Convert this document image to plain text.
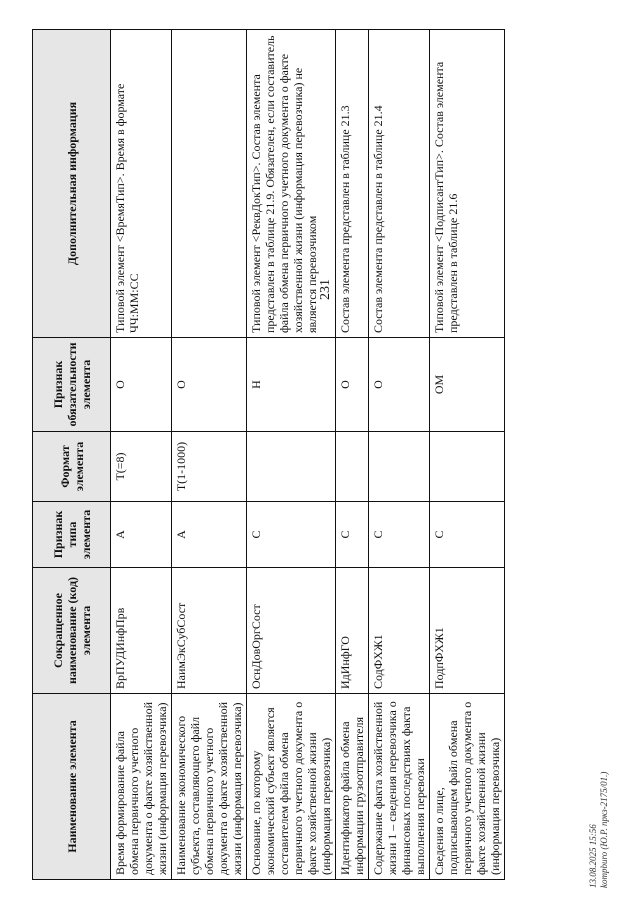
231
Наименование элемента	Сокращенное наименование (код) элемента	Признак типа элемента	Формат элемента	Признак обязательности элемента	Дополнительная информация
Время формирование файла обмена первичного учетного документа о факте хозяйственной жизни (информация перевозчика)	ВрПУДИнфПрв	А	T(=8)	О	Типовой элемент <ВремяТип>. Время в формате ЧЧ:ММ:СС
Наименование экономического субъекта, составляющего файл обмена первичного учетного документа о факте хозяйственной жизни (информация перевозчика)	НаимЭкСубСост	А	T(1-1000)	О	
Основание, по которому экономический субъект является составителем файла обмена первичного учетного документа о факте хозяйственной жизни (информация перевозчика)	ОснДовОргСост	С		Н	Типовой элемент <РеквДокТип>. Состав элемента представлен в таблице 21.9. Обязателен, если составитель файла обмена первичного учетного документа о факте хозяйственной жизни (информация перевозчика) не является перевозчиком
Идентификатор файла обмена информации грузоотправителя	ИдИнфГО	С		О	Состав элемента представлен в таблице 21.3
Содержание факта хозяйственной жизни 1 – сведения перевозчика о финансовых последствиях факта выполнения перевозки	СодФХЖ1	С		О	Состав элемента представлен в таблице 21.4
Сведения о лице, подписывающем файл обмена первичного учетного документа о факте хозяйственной жизни (информация перевозчика)	ПодпФХЖ1	С		ОМ	Типовой элемент <ПодписантТип>. Состав элемента представлен в таблице 21.6
13.08.2025 15:56 kompburo (Ю.Р. пркз-2175/01.)
